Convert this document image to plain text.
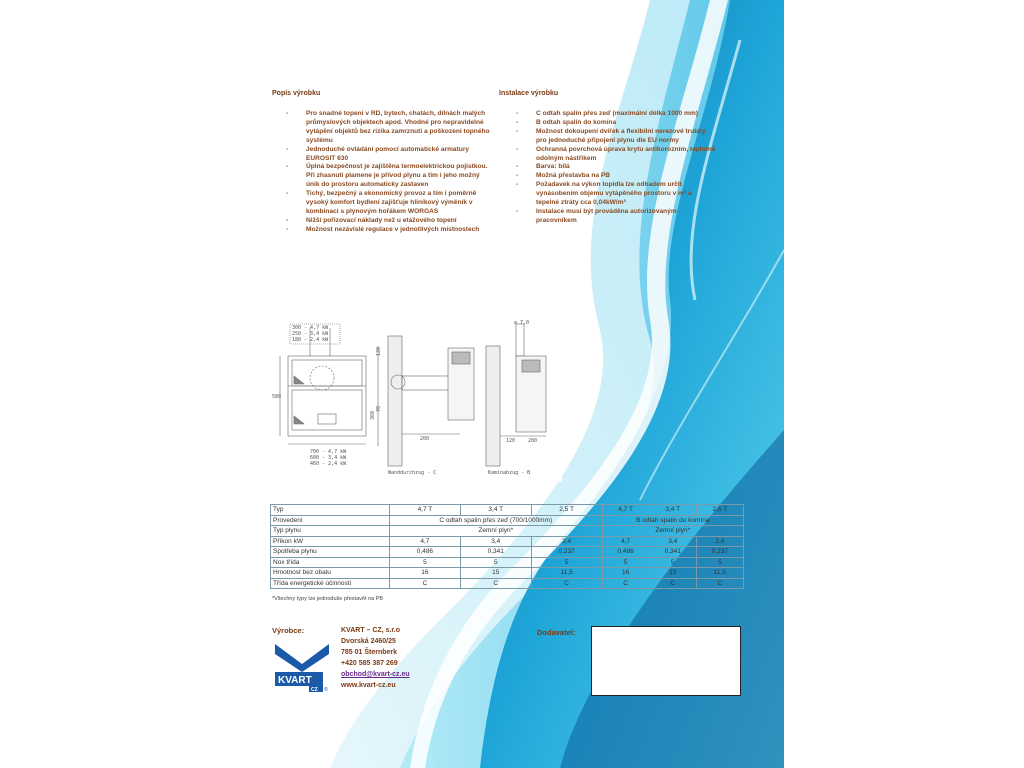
Popis výrobku
- Pro snadné topení v RD, bytech, chatách, dílnách malých průmyslových objektech apod. Vhodné pro nepravidelné vytápění objektů bez rizika zamrznutí a poškození topného systému
- Jednoduché ovládání pomocí automatické armatury EUROSIT 630
- Úplná bezpečnost je zajištěna termoelektrickou pojistkou. Při zhasnutí plamene je přívod plynu a tím i jeho možný únik do prostoru automaticky zastaven
- Tichý, bezpečný a ekonomický provoz a tím i poměrně vysoký komfort bydlení zajišťuje hliníkový výměník v kombinaci s plynovým hořákem WORGAS
- Nižší pořizovací náklady než u etážového topení
- Možnost nezávislé regulace v jednotlivých místnostech
Instalace výrobku
- C odtah spalin přes zeď (maximální délka 1000 mm)
- B odtah spalin do komína
- Možnost dokoupení dvířek a flexibilní nerezové trubky pro jednoduché připojení plynu dle EU normy
- Ochranná povrchová úprava krytu antikorozním, teplotně odolným nástřikem
- Barva: bílá
- Možná přestavba na PB
- Požadavek na výkon topidla lze odhadem určit vynásobením objemu vytápěného prostoru v m³ a tepelné ztráty cca 0,04kW/m³
- Instalace musí být prováděna autorizovaným pracovníkem
300 - 4,7 kW
250 - 3,4 kW
180 - 2,4 kW
580
700 - 4,7 kW
600 - 3,4 kW
460 - 2,4 kW
120
70
360
200
Wanddurchzug - C
⌀ 7,0
120	200
Kaminabzug - B
Typ	4,7 T	3,4 T	2,5 T	4,7 T	3,4 T	2,5 T
Provedení	C odtah spalin přes zeď (700/1000mm)			B odtah spalin do komína		
Typ plynu	Zemní plyn*			Zemní plyn*		
Příkon kW	4,7	3,4	2,4	4,7	3,4	2,4
Spotřeba plynu	0,486	0,341	0,237	0,486	0,341	0,237
Nox třída	5	5	5	5	5	5
Hmotnost bez obalu	16	15	11,5	16	15	11,5
Třída energetické účinnosti	C	C	C	C	C	C
*Všechny typy lze jednoduše přestavět na PB
Výrobce:	KVART – CZ, s.r.o
Dvorská 2460/25
785 01 Šternberk
+420 585 387 269
obchod@kvart-cz.eu
www.kvart-cz.eu
KVART
CZ ®
Dodavatel:
